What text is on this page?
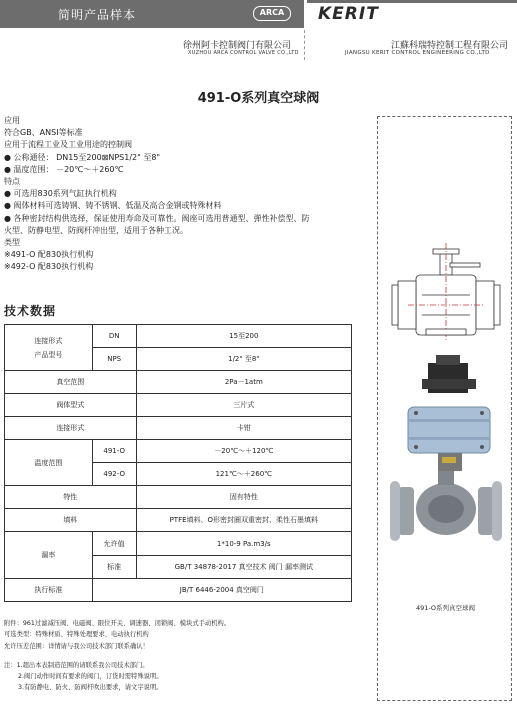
简明产品样本	ARCA	KERIT
徐州阿卡控制阀门有限公司
XUZHOU ARCA CONTROL VALVE CO.,LTD
江蘇科瑞特控制工程有限公司
JIANGSU KERIT CONTROL ENGINEERING CO.,LTD
491-O系列真空球阀
应用
符合GB、ANSI等标准
应用于流程工业及工业用途的控制阀
● 公称通径： DN15至200⊠NPS1/2" 至8"
● 温度范围： －20℃～＋260℃
特点
● 可选用830系列气缸执行机构
● 阀体材料可选铸钢、铸不锈钢、低温及高合金钢或特殊材料
● 各种密封结构供选择，保证使用寿命及可靠性。阀座可选用普通型、弹性补偿型、防
火型、防静电型、防阀杆冲出型，适用于各种工况。
类型
※491-O 配830执行机构
※492-O 配830执行机构
技术数据
连接形式
产品型号	DN	15至200
	NPS	1/2" 至8"
真空范围		2Pa－1atm
阀体型式		三片式
连接形式		卡钳
温度范围	491-O	－20℃～＋120℃
	492-O	121℃～＋260℃
特性		固有特性
填料		PTFE填料、O形密封圈双重密封、柔性石墨填料
漏率	允许值	1*10-9 Pa.m3/s
	标准	GB/T 34878-2017 真空技术 阀门 漏率测试
执行标准	JB/T 6446-2004 真空阀门	
附件：961过滤减压阀、电磁阀、限位开关、调速器、闭锁阀、模块式手动机构。
可选类型：特殊材质、特殊处理要求、电动执行机构
允许压差范围：详情请与我公司技术部门联系确认！
注：1.超出本表制造范围的请联系我公司技术部门。
2.阀门动作时间有要求的阀门，订货时需特殊说明。
3.有防静电、防火、防阀杆吹出要求，请文字说明。
491-O系列真空球阀
